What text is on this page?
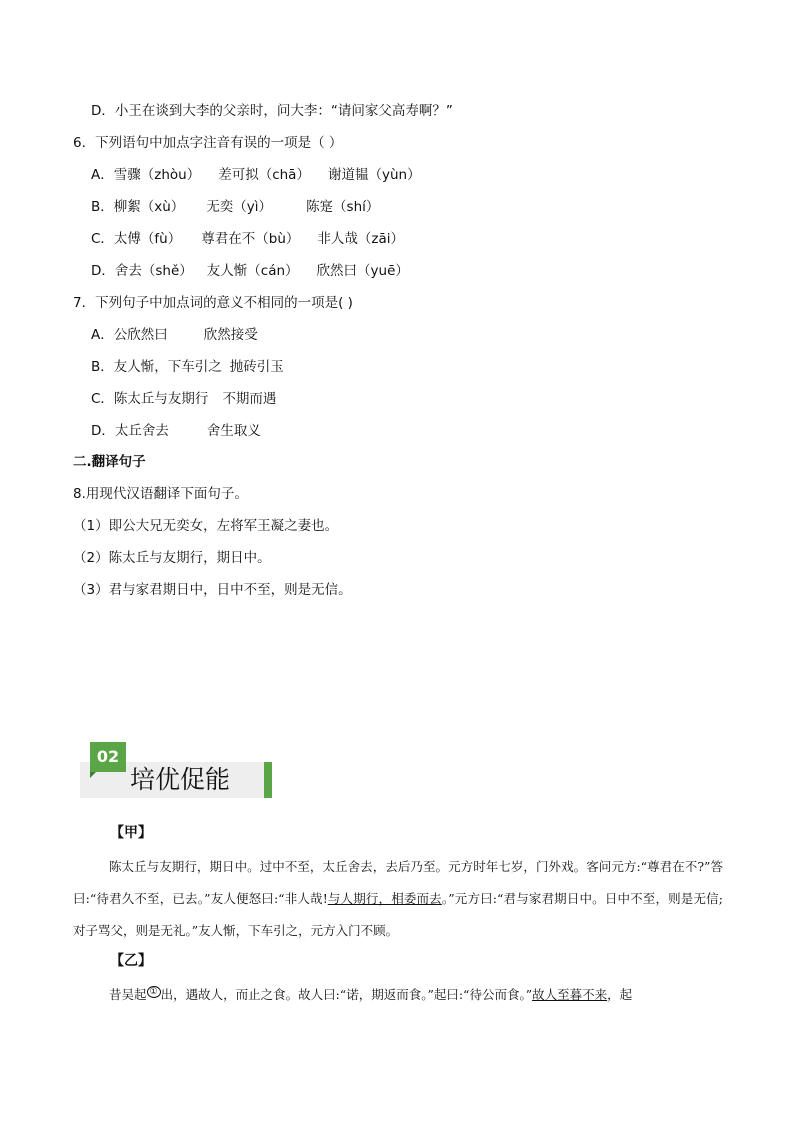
D．小王在谈到大李的父亲时，问大李：“请问家父高寿啊？”
6．下列语句中加点字注音有误的一项是（ ）
A．雪骤（zhòu） 差可拟（chā） 谢道韫（yùn）
B．柳絮（xù） 无奕（yì）	陈寔（shí）
C．太傅（fù） 尊君在不（bù） 非人哉（zāi）
D．舍去（shě） 友人惭（cán） 欣然曰（yuē）
7．下列句子中加点词的意义不相同的一项是( )
A．公欣然曰	欣然接受
B．友人惭，下车引之 抛砖引玉
C．陈太丘与友期行 不期而遇
D．太丘舍去	舍生取义
二.翻译句子
8.用现代汉语翻译下面句子。
（1）即公大兄无奕女，左将军王凝之妻也。
（2）陈太丘与友期行，期日中。
（3）君与家君期日中，日中不至，则是无信。
02
培优促能
【甲】
陈太丘与友期行，期日中。过中不至，太丘舍去，去后乃至。元方时年七岁，门外戏。客问元方:“尊君在不?”答曰:“待君久不至，已去。”友人便怒曰:“非人哉!与人期行，相委而去。”元方曰:“君与家君期日中。日中不至，则是无信;对子骂父，则是无礼。”友人惭，下车引之，元方入门不顾。
【乙】
昔吴起 ① 出，遇故人，而止之食。故人曰:“诺，期返而食。”起曰:“待公而食。”故人至暮不来，起
